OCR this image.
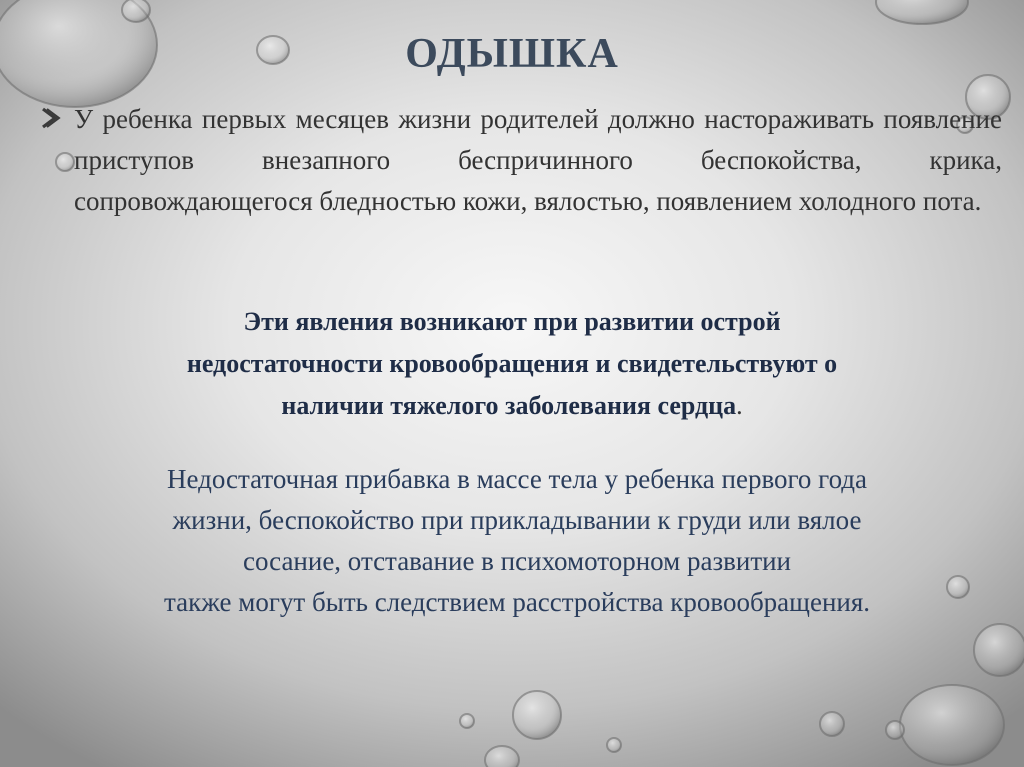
ОДЫШКА

У ребенка первых месяцев жизни родителей должно настораживать появление приступов внезапного беспричинного беспокойства, крика, сопровождающегося бледностью кожи, вялостью, появлением холодного пота.

Эти явления возникают при развитии острой
недостаточности кровообращения и свидетельствуют о
наличии тяжелого заболевания сердца.

Недостаточная прибавка в массе тела у ребенка первого года
жизни, беспокойство при прикладывании к груди или вялое
сосание, отставание в психомоторном развитии
также могут быть следствием расстройства кровообращения.
